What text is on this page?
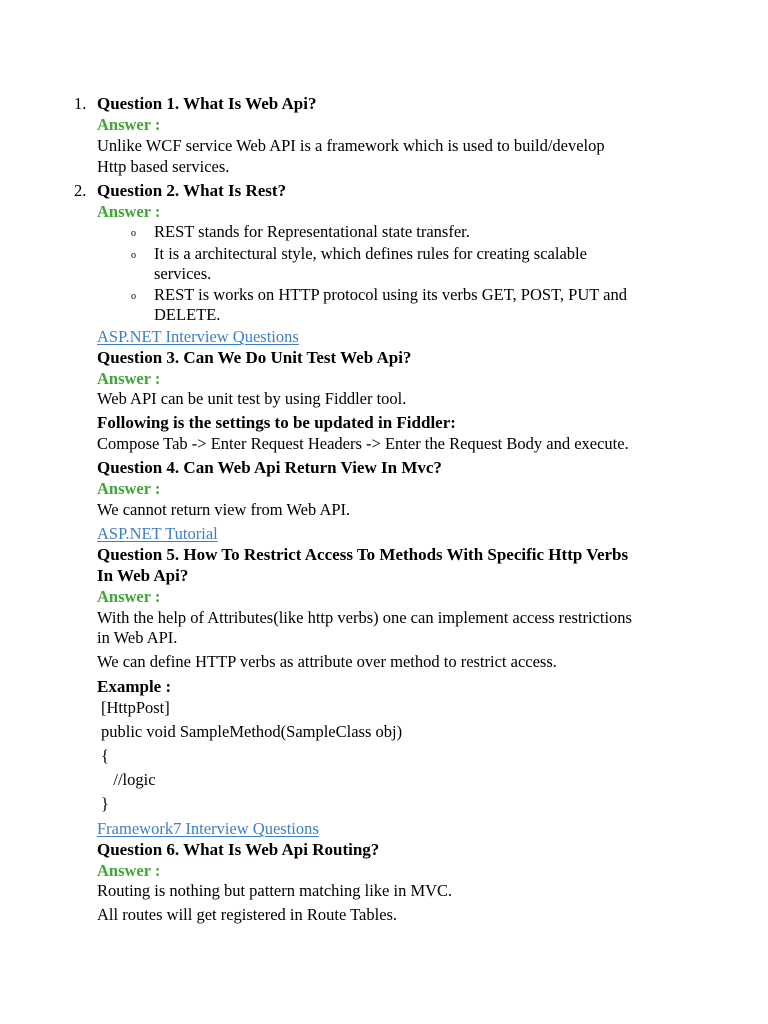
1. Question 1. What Is Web Api?
Answer :
Unlike WCF service Web API is a framework which is used to build/develop
Http based services.
2. Question 2. What Is Rest?
Answer :
o REST stands for Representational state transfer.
o It is a architectural style, which defines rules for creating scalable
services.
o REST is works on HTTP protocol using its verbs GET, POST, PUT and
DELETE.
ASP.NET Interview Questions
Question 3. Can We Do Unit Test Web Api?
Answer :
Web API can be unit test by using Fiddler tool.
Following is the settings to be updated in Fiddler:
Compose Tab -> Enter Request Headers -> Enter the Request Body and execute.
Question 4. Can Web Api Return View In Mvc?
Answer :
We cannot return view from Web API.
ASP.NET Tutorial
Question 5. How To Restrict Access To Methods With Specific Http Verbs
In Web Api?
Answer :
With the help of Attributes(like http verbs) one can implement access restrictions
in Web API.
We can define HTTP verbs as attribute over method to restrict access.
Example :
[HttpPost]
public void SampleMethod(SampleClass obj)
{
//logic
}
Framework7 Interview Questions
Question 6. What Is Web Api Routing?
Answer :
Routing is nothing but pattern matching like in MVC.
All routes will get registered in Route Tables.
